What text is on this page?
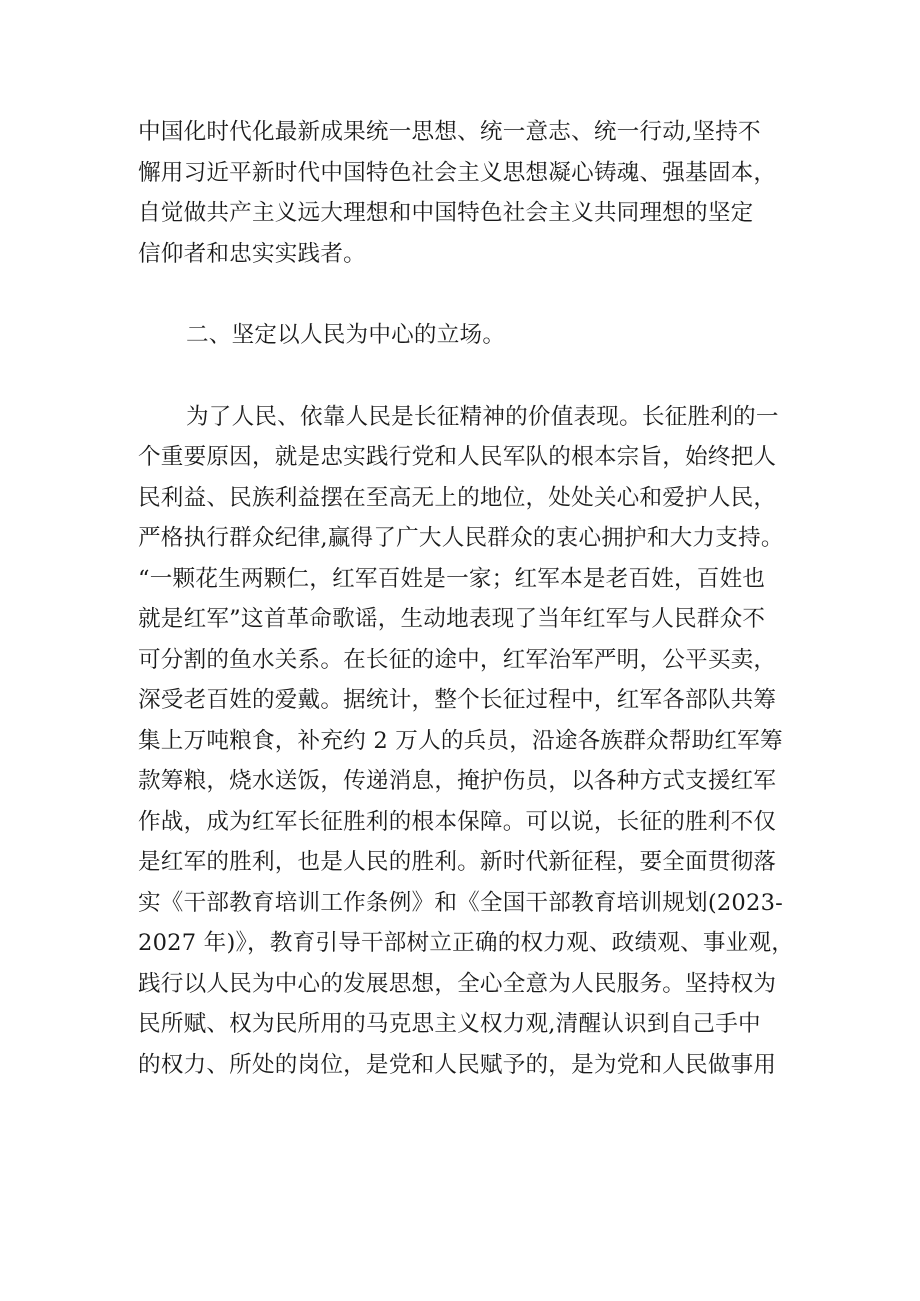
中国化时代化最新成果统一思想、统一意志、统一行动,坚持不
懈用习近平新时代中国特色社会主义思想凝心铸魂、强基固本，
自觉做共产主义远大理想和中国特色社会主义共同理想的坚定
信仰者和忠实实践者。
二、坚定以人民为中心的立场。
为了人民、依靠人民是长征精神的价值表现。长征胜利的一
个重要原因，就是忠实践行党和人民军队的根本宗旨，始终把人
民利益、民族利益摆在至高无上的地位，处处关心和爱护人民，
严格执行群众纪律,赢得了广大人民群众的衷心拥护和大力支持。
“一颗花生两颗仁，红军百姓是一家；红军本是老百姓，百姓也
就是红军”这首革命歌谣，生动地表现了当年红军与人民群众不
可分割的鱼水关系。在长征的途中，红军治军严明，公平买卖，
深受老百姓的爱戴。据统计，整个长征过程中，红军各部队共筹
集上万吨粮食，补充约 2 万人的兵员，沿途各族群众帮助红军筹
款筹粮，烧水送饭，传递消息，掩护伤员，以各种方式支援红军
作战，成为红军长征胜利的根本保障。可以说，长征的胜利不仅
是红军的胜利，也是人民的胜利。新时代新征程，要全面贯彻落
实《干部教育培训工作条例》和《全国干部教育培训规划(2023-
2027 年)》，教育引导干部树立正确的权力观、政绩观、事业观，
践行以人民为中心的发展思想，全心全意为人民服务。坚持权为
民所赋、权为民所用的马克思主义权力观,清醒认识到自己手中
的权力、所处的岗位，是党和人民赋予的，是为党和人民做事用
